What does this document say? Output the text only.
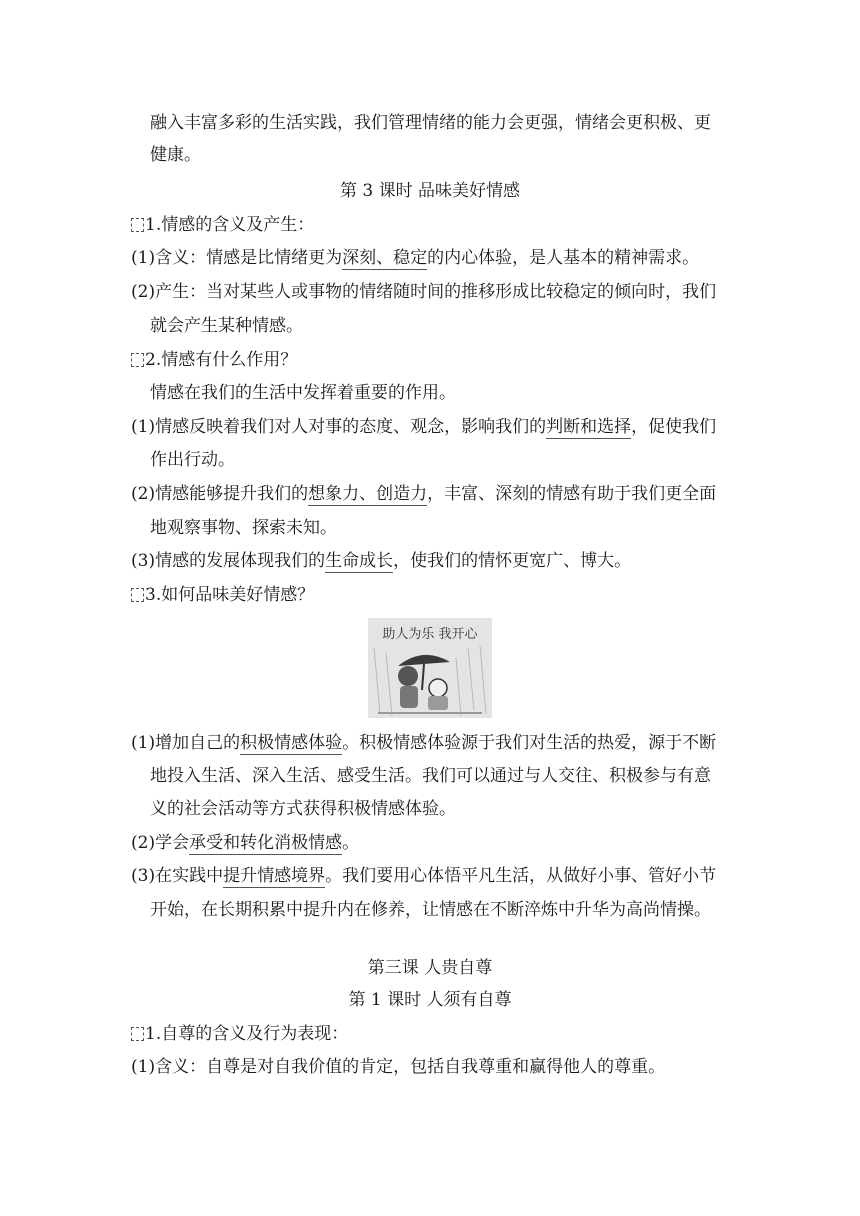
融入丰富多彩的生活实践，我们管理情绪的能力会更强，情绪会更积极、更
健康。
第 3 课时 品味美好情感
1.情感的含义及产生：
(1)含义：情感是比情绪更为深刻、稳定的内心体验，是人基本的精神需求。
(2)产生：当对某些人或事物的情绪随时间的推移形成比较稳定的倾向时，我们
就会产生某种情感。
2.情感有什么作用？
情感在我们的生活中发挥着重要的作用。
(1)情感反映着我们对人对事的态度、观念，影响我们的判断和选择，促使我们
作出行动。
(2)情感能够提升我们的想象力、创造力，丰富、深刻的情感有助于我们更全面
地观察事物、探索未知。
(3)情感的发展体现我们的生命成长，使我们的情怀更宽广、博大。
3.如何品味美好情感？
助人为乐 我开心
(1)增加自己的积极情感体验。积极情感体验源于我们对生活的热爱，源于不断
地投入生活、深入生活、感受生活。我们可以通过与人交往、积极参与有意
义的社会活动等方式获得积极情感体验。
(2)学会承受和转化消极情感。
(3)在实践中提升情感境界。我们要用心体悟平凡生活，从做好小事、管好小节
开始，在长期积累中提升内在修养，让情感在不断淬炼中升华为高尚情操。
第三课 人贵自尊
第 1 课时 人须有自尊
1.自尊的含义及行为表现：
(1)含义：自尊是对自我价值的肯定，包括自我尊重和赢得他人的尊重。
